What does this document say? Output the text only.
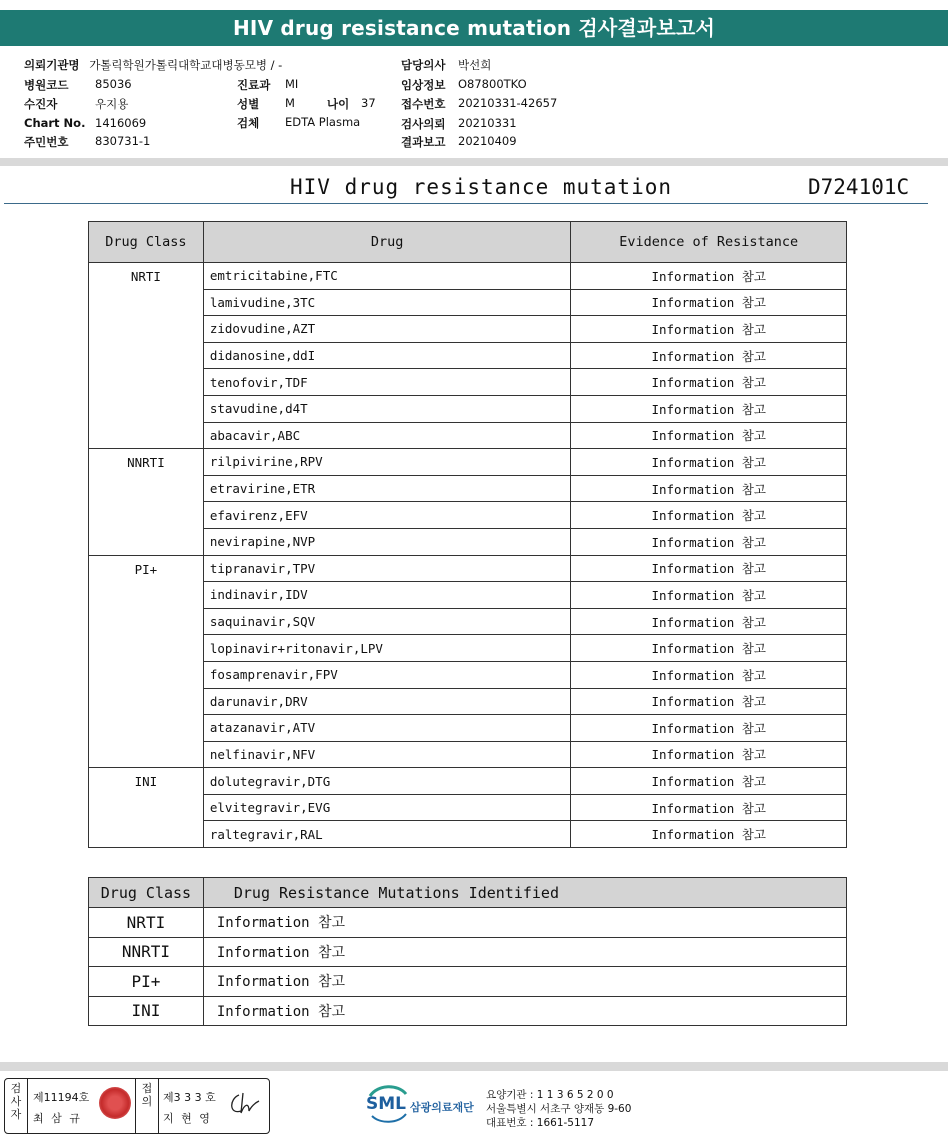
HIV drug resistance mutation 검사결과보고서
의뢰기관명 가톨릭학원가톨릭대학교대병동모병 / -
병원코드 85036
수진자	우지용
Chart No. 1416069
주민번호 830731-1
진료과 MI
성별 M	나이 37
검체 EDTA Plasma
담당의사 박선희
임상정보 O87800TKO
접수번호 20210331-42657
검사의뢰 20210331
결과보고 20210409
HIV drug resistance mutation	D724101C
Drug Class	Drug	Evidence of Resistance
NRTI	emtricitabine,FTC	Information 참고
	lamivudine,3TC	Information 참고
	zidovudine,AZT	Information 참고
	didanosine,ddI	Information 참고
	tenofovir,TDF	Information 참고
	stavudine,d4T	Information 참고
	abacavir,ABC	Information 참고
NNRTI	rilpivirine,RPV	Information 참고
	etravirine,ETR	Information 참고
	efavirenz,EFV	Information 참고
	nevirapine,NVP	Information 참고
PI+	tipranavir,TPV	Information 참고
	indinavir,IDV	Information 참고
	saquinavir,SQV	Information 참고
	lopinavir+ritonavir,LPV	Information 참고
	fosamprenavir,FPV	Information 참고
	darunavir,DRV	Information 참고
	atazanavir,ATV	Information 참고
	nelfinavir,NFV	Information 참고
INI	dolutegravir,DTG	Information 참고
	elvitegravir,EVG	Information 참고
	raltegravir,RAL	Information 참고
Drug Class	Drug Resistance Mutations Identified
NRTI	Information 참고
NNRTI	Information 참고
PI+	Information 참고
INI	Information 참고
검
사
자
제11194호
최 삼 규
접
의 제3 3 3 호
지 현 영
SML 삼광의료재단
요양기관 : 1 1 3 6 5 2 0 0
서울특별시 서초구 양재동 9-60
대표번호 : 1661-5117
